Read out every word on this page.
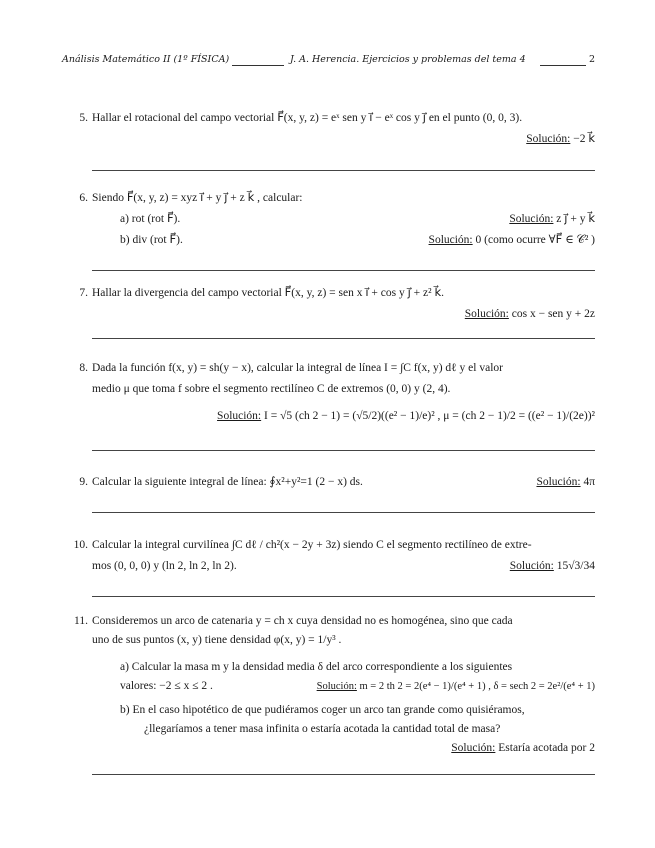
Análisis Matemático II (1º FÍSICA)	J. A. Herencia. Ejercicios y problemas del tema 4	2
5. Hallar el rotacional del campo vectorial F⃗(x, y, z) = eˣ sen y i⃗ − eˣ cos y j⃗ en el punto (0, 0, 3).
Solución: −2 k⃗
6. Siendo F⃗(x, y, z) = xyz i⃗ + y j⃗ + z k⃗ , calcular:
a) rot (rot F⃗).	Solución: z j⃗ + y k⃗
b) div (rot F⃗).	Solución: 0 (como ocurre ∀F⃗ ∈ 𝒞² )
7. Hallar la divergencia del campo vectorial F⃗(x, y, z) = sen x i⃗ + cos y j⃗ + z² k⃗.
Solución: cos x − sen y + 2z
8. Dada la función f(x, y) = sh(y − x), calcular la integral de línea I = ∫C f(x, y) dℓ y el valor
medio μ que toma f sobre el segmento rectilíneo C de extremos (0, 0) y (2, 4).
Solución: I = √5 (ch 2 − 1) = (√5/2)((e² − 1)/e)² , μ = (ch 2 − 1)/2 = ((e² − 1)/(2e))²
9. Calcular la siguiente integral de línea: ∮x²+y²=1 (2 − x) ds.	Solución: 4π
10. Calcular la integral curvilínea ∫C dℓ / ch²(x − 2y + 3z) siendo C el segmento rectilíneo de extre-
mos (0, 0, 0) y (ln 2, ln 2, ln 2).	Solución: 15√3/34
11. Consideremos un arco de catenaria y = ch x cuya densidad no es homogénea, sino que cada
uno de sus puntos (x, y) tiene densidad φ(x, y) = 1/y³ .
a) Calcular la masa m y la densidad media δ del arco correspondiente a los siguientes
valores: −2 ≤ x ≤ 2 .	Solución: m = 2 th 2 = 2(e⁴ − 1)/(e⁴ + 1) , δ = sech 2 = 2e²/(e⁴ + 1)
b) En el caso hipotético de que pudiéramos coger un arco tan grande como quisiéramos,
¿llegaríamos a tener masa infinita o estaría acotada la cantidad total de masa?
Solución: Estaría acotada por 2
